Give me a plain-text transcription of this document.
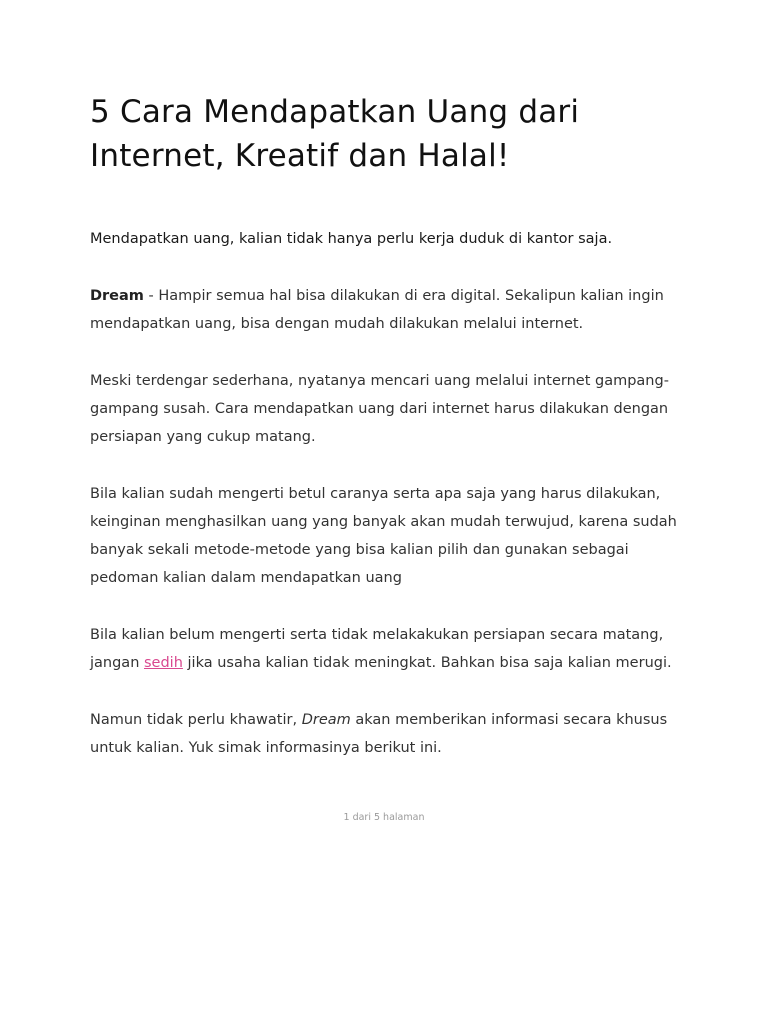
5 Cara Mendapatkan Uang dari Internet, Kreatif dan Halal!

Mendapatkan uang, kalian tidak hanya perlu kerja duduk di kantor saja.

Dream - Hampir semua hal bisa dilakukan di era digital. Sekalipun kalian ingin mendapatkan uang, bisa dengan mudah dilakukan melalui internet.

Meski terdengar sederhana, nyatanya mencari uang melalui internet gampang-gampang susah. Cara mendapatkan uang dari internet harus dilakukan dengan persiapan yang cukup matang.

Bila kalian sudah mengerti betul caranya serta apa saja yang harus dilakukan, keinginan menghasilkan uang yang banyak akan mudah terwujud, karena sudah banyak sekali metode-metode yang bisa kalian pilih dan gunakan sebagai pedoman kalian dalam mendapatkan uang

Bila kalian belum mengerti serta tidak melakakukan persiapan secara matang, jangan sedih jika usaha kalian tidak meningkat. Bahkan bisa saja kalian merugi.

Namun tidak perlu khawatir, Dream akan memberikan informasi secara khusus untuk kalian. Yuk simak informasinya berikut ini.

1 dari 5 halaman
